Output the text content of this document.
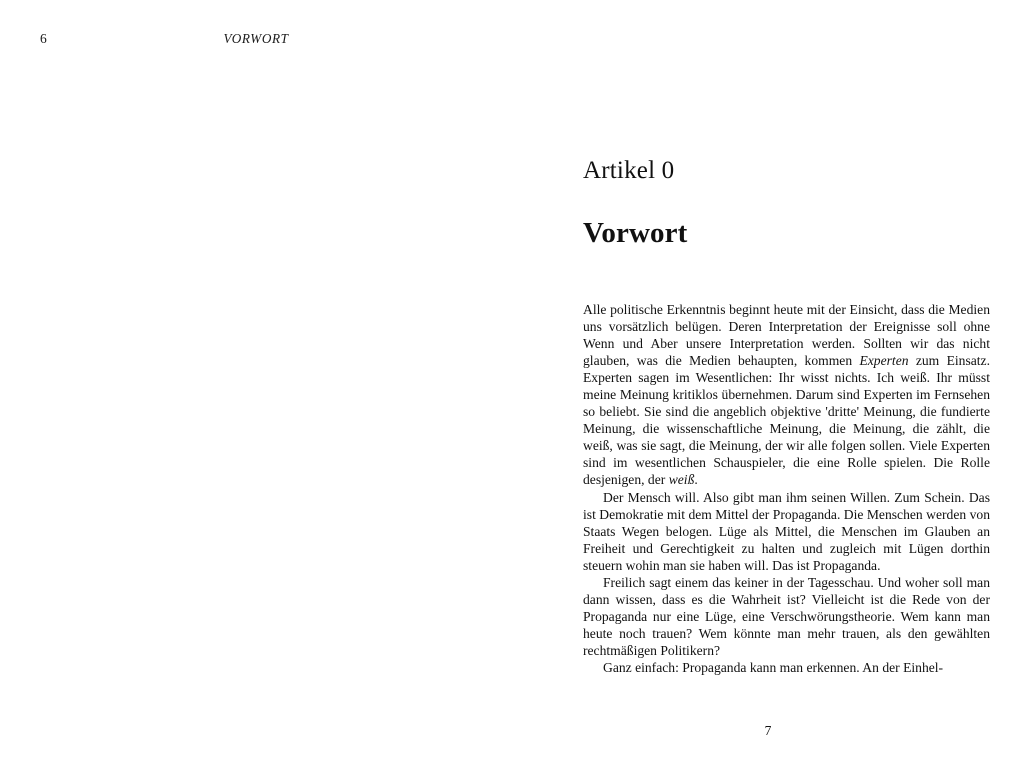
6	VORWORT
Artikel 0
Vorwort

Alle politische Erkenntnis beginnt heute mit der Einsicht, dass die Medien uns vorsätzlich belügen. Deren Interpretation der Ereignisse soll ohne Wenn und Aber unsere Interpretation werden. Sollten wir das nicht glauben, was die Medien behaupten, kommen Experten zum Einsatz. Experten sagen im Wesentlichen: Ihr wisst nichts. Ich weiß. Ihr müsst meine Meinung kritiklos übernehmen. Darum sind Experten im Fernsehen so beliebt. Sie sind die angeblich objektive 'dritte' Meinung, die fundierte Meinung, die wissenschaftliche Meinung, die Meinung, die zählt, die weiß, was sie sagt, die Meinung, der wir alle folgen sollen. Viele Experten sind im wesentlichen Schauspieler, die eine Rolle spielen. Die Rolle desjenigen, der weiß.

Der Mensch will. Also gibt man ihm seinen Willen. Zum Schein. Das ist Demokratie mit dem Mittel der Propaganda. Die Menschen werden von Staats Wegen belogen. Lüge als Mittel, die Menschen im Glauben an Freiheit und Gerechtigkeit zu halten und zugleich mit Lügen dorthin steuern wohin man sie haben will. Das ist Propaganda.

Freilich sagt einem das keiner in der Tagesschau. Und woher soll man dann wissen, dass es die Wahrheit ist? Vielleicht ist die Rede von der Propaganda nur eine Lüge, eine Verschwörungstheorie. Wem kann man heute noch trauen? Wem könnte man mehr trauen, als den gewählten rechtmäßigen Politikern?

Ganz einfach: Propaganda kann man erkennen. An der Einhel-

7
